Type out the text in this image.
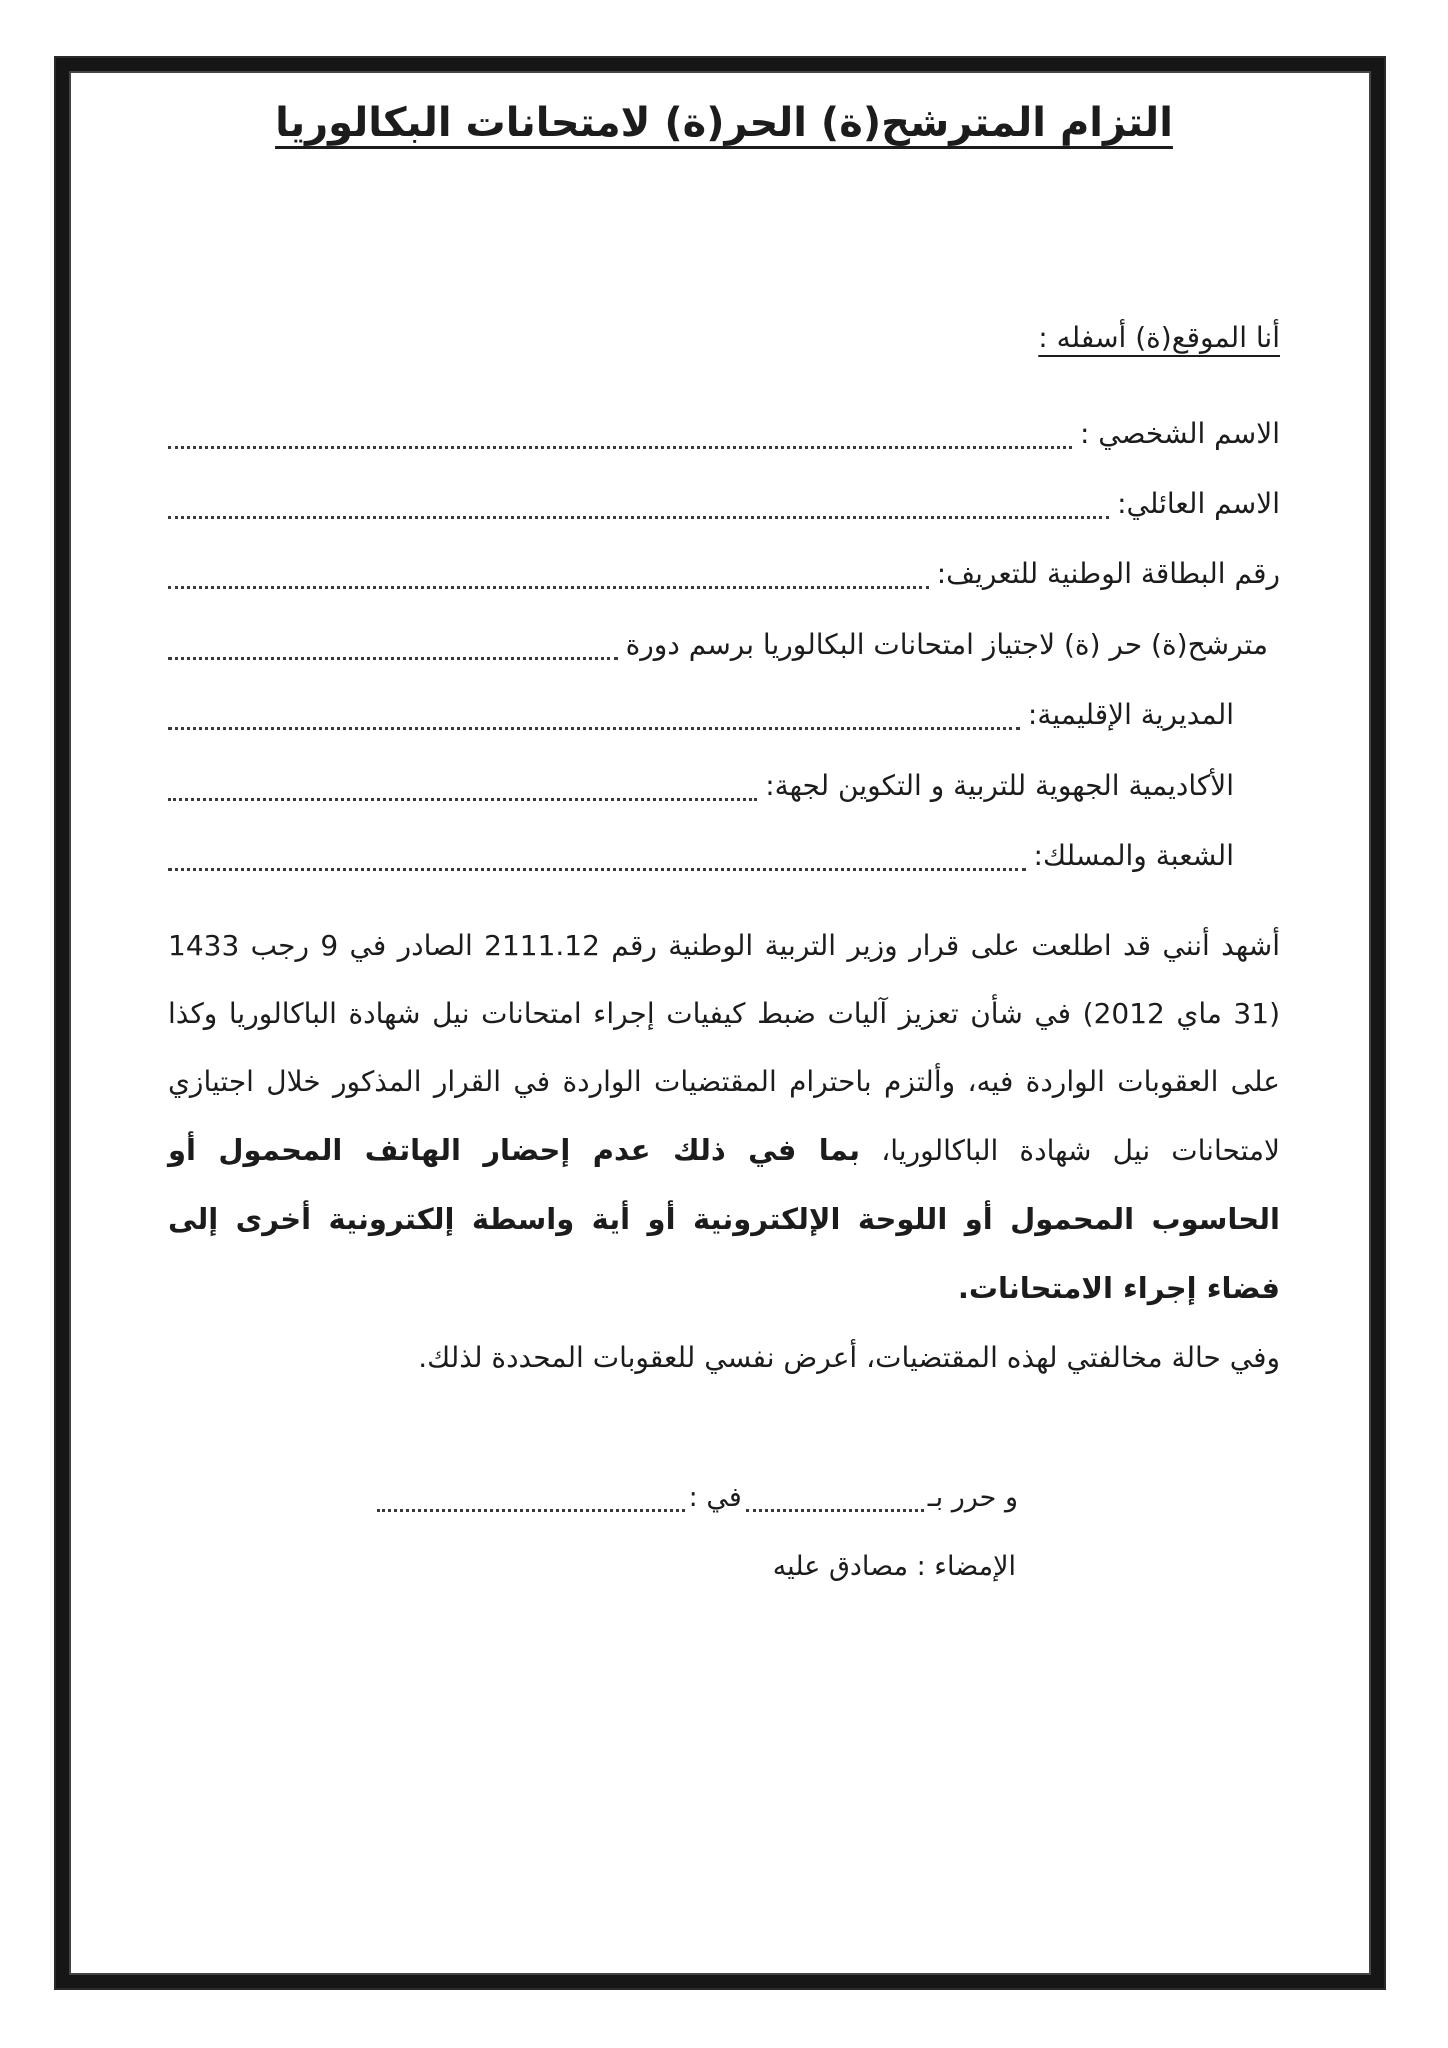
التزام المترشح(ة) الحر(ة) لامتحانات البكالوريا
أنا الموقع(ة) أسفله :
الاسم الشخصي :
الاسم العائلي:
رقم البطاقة الوطنية للتعريف:
مترشح(ة) حر (ة) لاجتياز امتحانات البكالوريا برسم دورة
المديرية الإقليمية:
الأكاديمية الجهوية للتربية و التكوين لجهة:
الشعبة والمسلك:

أشهد أنني قد اطلعت على قرار وزير التربية الوطنية رقم 2111.12 الصادر في 9 رجب 1433 (31 ماي 2012) في شأن تعزيز آليات ضبط كيفيات إجراء امتحانات نيل شهادة الباكالوريا وكذا على العقوبات الواردة فيه، وألتزم باحترام المقتضيات الواردة في القرار المذكور خلال اجتيازي لامتحانات نيل شهادة الباكالوريا، بما في ذلك عدم إحضار الهاتف المحمول أو الحاسوب المحمول أو اللوحة الإلكترونية أو أية واسطة إلكترونية أخرى إلى فضاء إجراء الامتحانات.

وفي حالة مخالفتي لهذه المقتضيات، أعرض نفسي للعقوبات المحددة لذلك.
و حرر بـ
في :
الإمضاء : مصادق عليه
